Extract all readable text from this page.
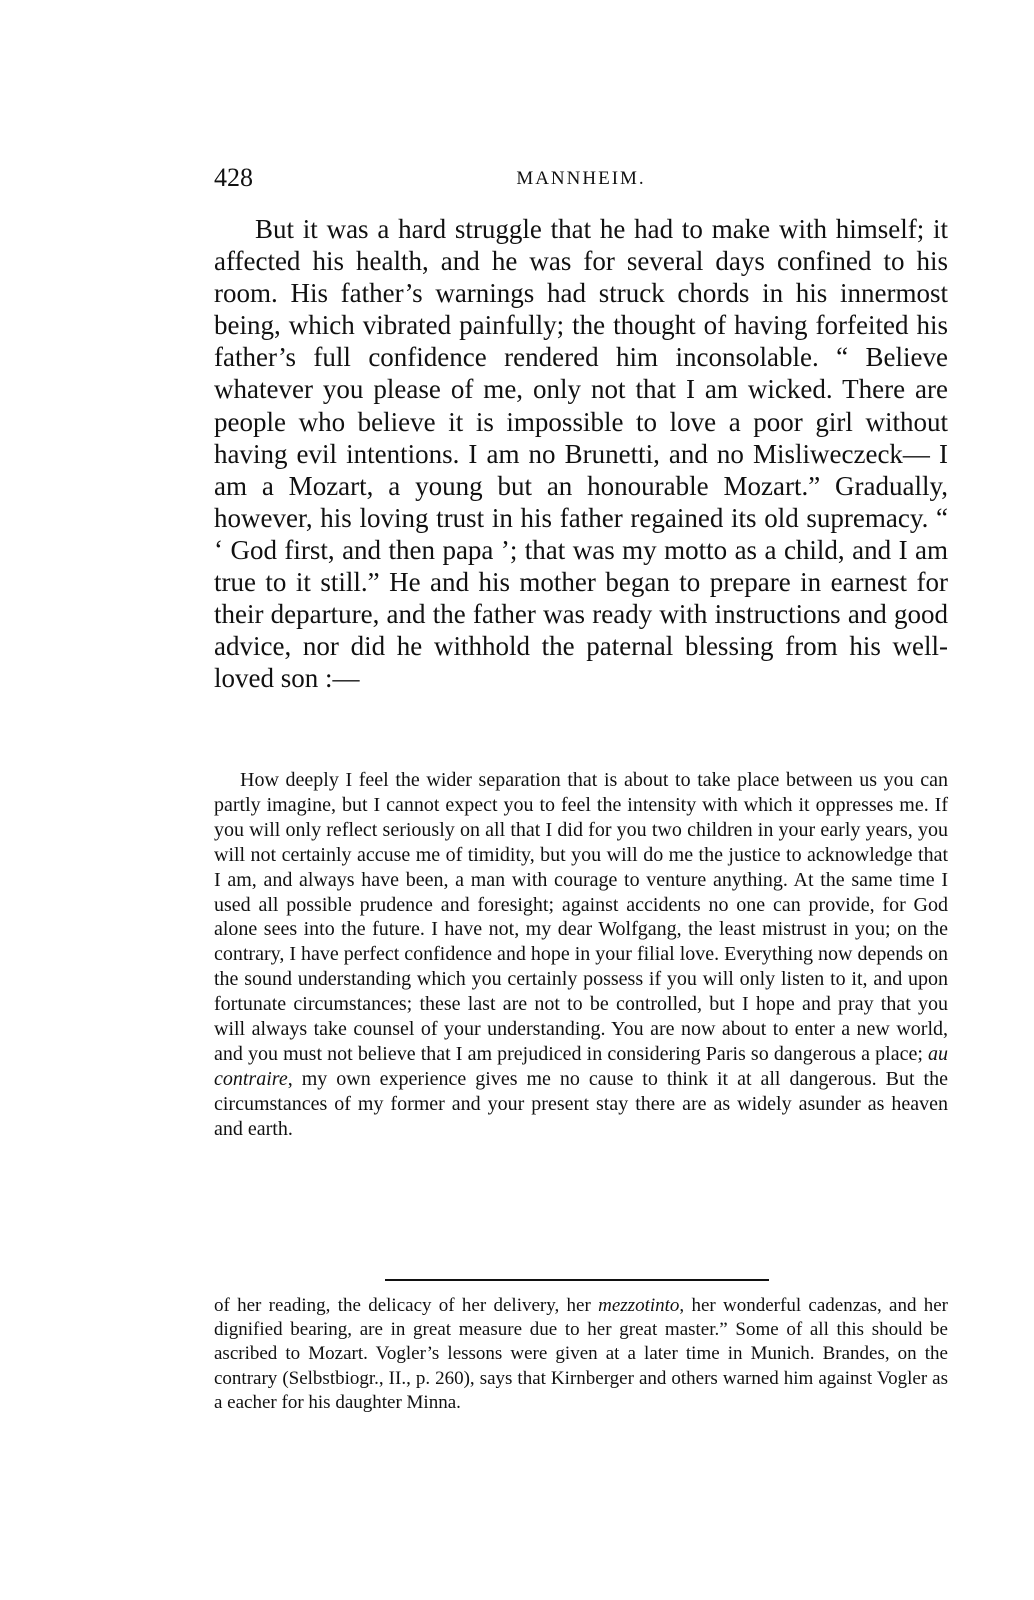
428	MANNHEIM.

But it was a hard struggle that he had to make with himself; it affected his health, and he was for several days confined to his room. His father’s warnings had struck chords in his innermost being, which vibrated painfully; the thought of having forfeited his father’s full confidence rendered him inconsolable. “ Believe whatever you please of me, only not that I am wicked. There are people who believe it is impossible to love a poor girl without having evil intentions. I am no Brunetti, and no Misliweczeck— I am a Mozart, a young but an honourable Mozart.” Gradually, however, his loving trust in his father regained its old supremacy. “ ‘ God first, and then papa ’; that was my motto as a child, and I am true to it still.” He and his mother began to prepare in earnest for their departure, and the father was ready with instructions and good advice, nor did he withhold the paternal blessing from his well-loved son :—

How deeply I feel the wider separation that is about to take place between us you can partly imagine, but I cannot expect you to feel the intensity with which it oppresses me. If you will only reflect seriously on all that I did for you two children in your early years, you will not certainly accuse me of timidity, but you will do me the justice to acknowledge that I am, and always have been, a man with courage to venture anything. At the same time I used all possible prudence and foresight; against accidents no one can provide, for God alone sees into the future. I have not, my dear Wolfgang, the least mistrust in you; on the contrary, I have perfect confidence and hope in your filial love. Everything now depends on the sound understanding which you certainly possess if you will only listen to it, and upon fortunate circumstances; these last are not to be controlled, but I hope and pray that you will always take counsel of your understanding. You are now about to enter a new world, and you must not believe that I am prejudiced in considering Paris so dangerous a place; au contraire, my own experience gives me no cause to think it at all dangerous. But the circumstances of my former and your present stay there are as widely asunder as heaven and earth.

of her reading, the delicacy of her delivery, her mezzotinto, her wonderful cadenzas, and her dignified bearing, are in great measure due to her great master.” Some of all this should be ascribed to Mozart. Vogler’s lessons were given at a later time in Munich. Brandes, on the contrary (Selbstbiogr., II., p. 260), says that Kirnberger and others warned him against Vogler as a eacher for his daughter Minna.
